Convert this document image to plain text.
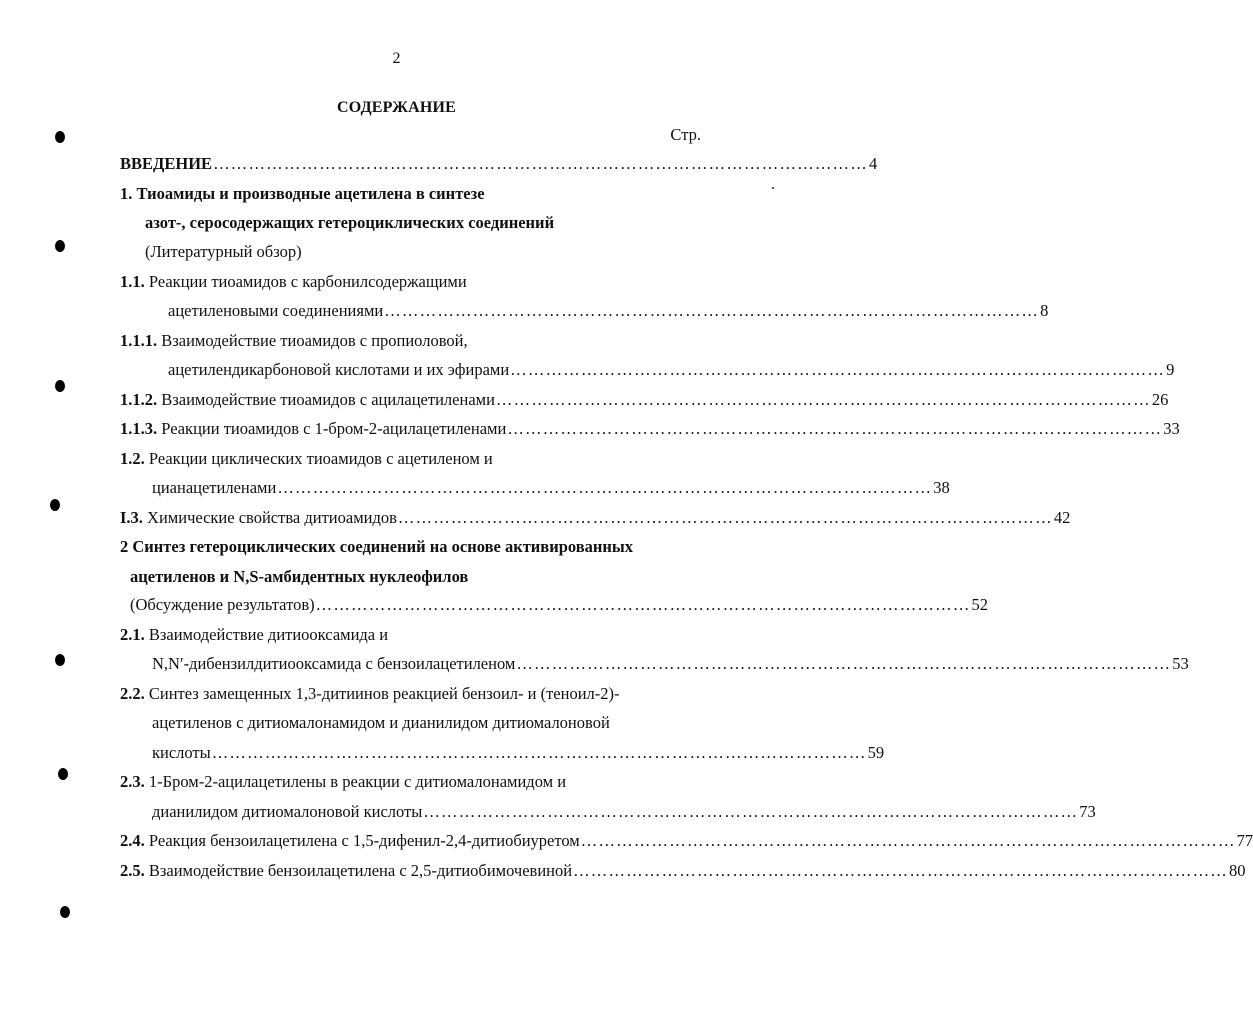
2
СОДЕРЖАНИЕ
Стр.
ВВЕДЕНИЕ ………………………………………………………………………………………………… 4
1. Тиоамиды и производные ацетилена в синтезе
азот-, серосодержащих гетероциклических соединений
(Литературный обзор)
1.1. Реакции тиоамидов с карбонилсодержащими
ацетиленовыми соединениями ………………………………………………………………………………………………… 8
1.1.1. Взаимодействие тиоамидов с пропиоловой,
ацетилендикарбоновой кислотами и их эфирами ………………………………………………………………………………………………… 9
1.1.2. Взаимодействие тиоамидов с ацилацетиленами ………………………………………………………………………………………………… 26
1.1.3. Реакции тиоамидов с 1-бром-2-ацилацетиленами ………………………………………………………………………………………………… 33
1.2. Реакции циклических тиоамидов с ацетиленом и
цианацетиленами ………………………………………………………………………………………………… 38
I.3. Химические свойства дитиоамидов ………………………………………………………………………………………………… 42
2 Синтез гетероциклических соединений на основе активированных
ацетиленов и N,S-амбидентных нуклеофилов
(Обсуждение результатов) ………………………………………………………………………………………………… 52
2.1. Взаимодействие дитиооксамида и
N,N′-дибензилдитиооксамида с бензоилацетиленом ………………………………………………………………………………………………… 53
2.2. Синтез замещенных 1,3-дитиинов реакцией бензоил- и (теноил-2)-
ацетиленов с дитиомалонамидом и дианилидом дитиомалоновой
кислоты ………………………………………………………………………………………………… 59
2.3. 1-Бром-2-ацилацетилены в реакции с дитиомалонамидом и
дианилидом дитиомалоновой кислоты ………………………………………………………………………………………………… 73
2.4. Реакция бензоилацетилена с 1,5-дифенил-2,4-дитиобиуретом ………………………………………………………………………………………………… 77
2.5. Взаимодействие бензоилацетилена с 2,5-дитиобимочевиной ………………………………………………………………………………………………… 80
